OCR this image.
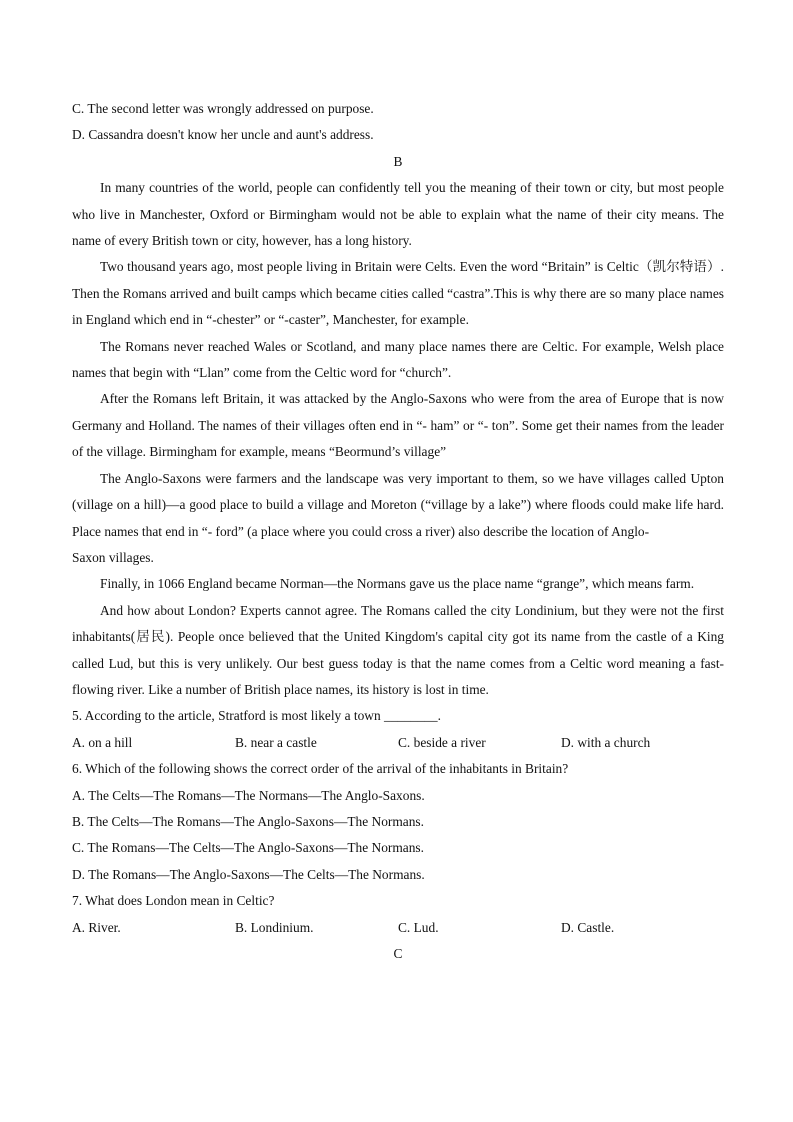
C. The second letter was wrongly addressed on purpose.

D. Cassandra doesn't know her uncle and aunt's address.

B

In many countries of the world, people can confidently tell you the meaning of their town or city, but most people who live in Manchester, Oxford or Birmingham would not be able to explain what the name of their city means. The name of every British town or city, however, has a long history.

Two thousand years ago, most people living in Britain were Celts. Even the word “Britain” is Celtic（凯尔特语）. Then the Romans arrived and built camps which became cities called “castra”.This is why there are so many place names in England which end in “-chester” or “-caster”, Manchester, for example.

The Romans never reached Wales or Scotland, and many place names there are Celtic. For example, Welsh place names that begin with “Llan” come from the Celtic word for “church”.

After the Romans left Britain, it was attacked by the Anglo-Saxons who were from the area of Europe that is now Germany and Holland. The names of their villages often end in “- ham” or “- ton”. Some get their names from the leader of the village. Birmingham for example, means “Beormund’s village”

The Anglo-Saxons were farmers and the landscape was very important to them, so we have villages called Upton (village on a hill)—a good place to build a village and Moreton (“village by a lake”) where floods could make life hard. Place names that end in “- ford” (a place where you could cross a river) also describe the location of Anglo-

Saxon villages.

Finally, in 1066 England became Norman—the Normans gave us the place name “grange”, which means farm.

And how about London? Experts cannot agree. The Romans called the city Londinium, but they were not the first inhabitants(居民). People once believed that the United Kingdom's capital city got its name from the castle of a King called Lud, but this is very unlikely. Our best guess today is that the name comes from a Celtic word meaning a fast-flowing river. Like a number of British place names, its history is lost in time.

5. According to the article, Stratford is most likely a town ________.

A. on a hill	B. near a castle	C. beside a river	D. with a church

6. Which of the following shows the correct order of the arrival of the inhabitants in Britain?

A. The Celts—The Romans—The Normans—The Anglo-Saxons.

B. The Celts—The Romans—The Anglo-Saxons—The Normans.

C. The Romans—The Celts—The Anglo-Saxons—The Normans.

D. The Romans—The Anglo-Saxons—The Celts—The Normans.

7. What does London mean in Celtic?

A. River.	B. Londinium.	C. Lud.	D. Castle.

C
